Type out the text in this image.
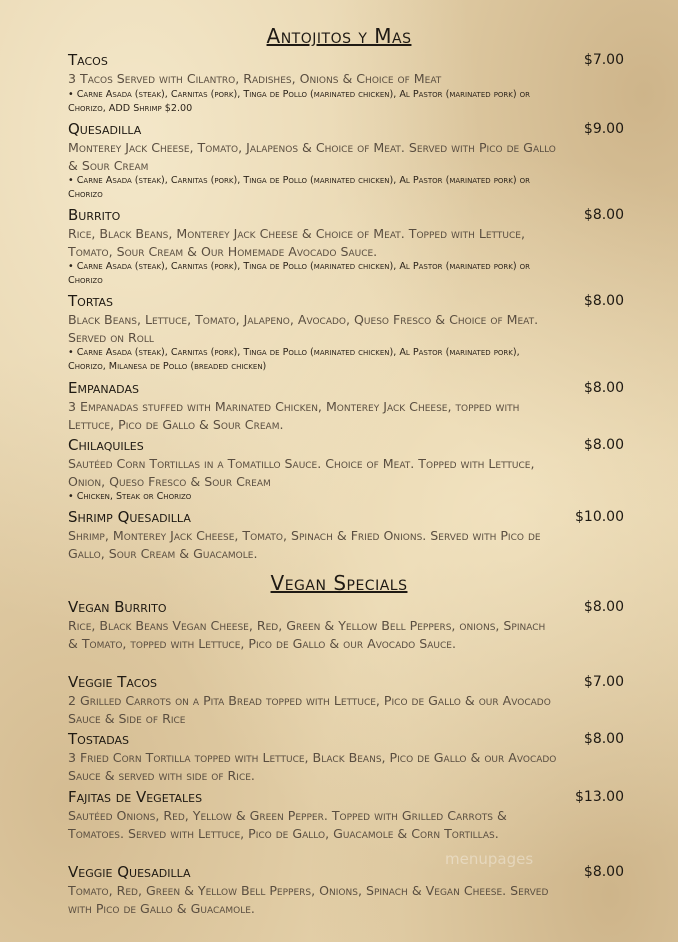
Antojitos y Mas
Tacos	$7.00
3 Tacos Served with Cilantro, Radishes, Onions & Choice of Meat
• Carne Asada (steak), Carnitas (pork), Tinga de Pollo (marinated chicken), Al Pastor (marinated pork) or Chorizo, ADD Shrimp $2.00
Quesadilla	$9.00
Monterey Jack Cheese, Tomato, Jalapenos & Choice of Meat. Served with Pico de Gallo & Sour Cream
• Carne Asada (steak), Carnitas (pork), Tinga de Pollo (marinated chicken), Al Pastor (marinated pork) or Chorizo
Burrito	$8.00
Rice, Black Beans, Monterey Jack Cheese & Choice of Meat. Topped with Lettuce, Tomato, Sour Cream & Our Homemade Avocado Sauce.
• Carne Asada (steak), Carnitas (pork), Tinga de Pollo (marinated chicken), Al Pastor (marinated pork) or Chorizo
Tortas	$8.00
Black Beans, Lettuce, Tomato, Jalapeno, Avocado, Queso Fresco & Choice of Meat. Served on Roll
• Carne Asada (steak), Carnitas (pork), Tinga de Pollo (marinated chicken), Al Pastor (marinated pork), Chorizo, Milanesa de Pollo (breaded chicken)
Empanadas	$8.00
3 Empanadas stuffed with Marinated Chicken, Monterey Jack Cheese, topped with Lettuce, Pico de Gallo & Sour Cream.
Chilaquiles	$8.00
Sautéed Corn Tortillas in a Tomatillo Sauce. Choice of Meat. Topped with Lettuce, Onion, Queso Fresco & Sour Cream
• Chicken, Steak or Chorizo
Shrimp Quesadilla	$10.00
Shrimp, Monterey Jack Cheese, Tomato, Spinach & Fried Onions. Served with Pico de Gallo, Sour Cream & Guacamole.
Vegan Specials
Vegan Burrito	$8.00
Rice, Black Beans Vegan Cheese, Red, Green & Yellow Bell Peppers, onions, Spinach & Tomato, topped with Lettuce, Pico de Gallo & our Avocado Sauce.
Veggie Tacos	$7.00
2 Grilled Carrots on a Pita Bread topped with Lettuce, Pico de Gallo & our Avocado Sauce & Side of Rice
Tostadas	$8.00
3 Fried Corn Tortilla topped with Lettuce, Black Beans, Pico de Gallo & our Avocado Sauce & served with side of Rice.
Fajitas de Vegetales	$13.00
Sautéed Onions, Red, Yellow & Green Pepper. Topped with Grilled Carrots & Tomatoes. Served with Lettuce, Pico de Gallo, Guacamole & Corn Tortillas.
Veggie Quesadilla	$8.00
Tomato, Red, Green & Yellow Bell Peppers, Onions, Spinach & Vegan Cheese. Served with Pico de Gallo & Guacamole.
menupages
